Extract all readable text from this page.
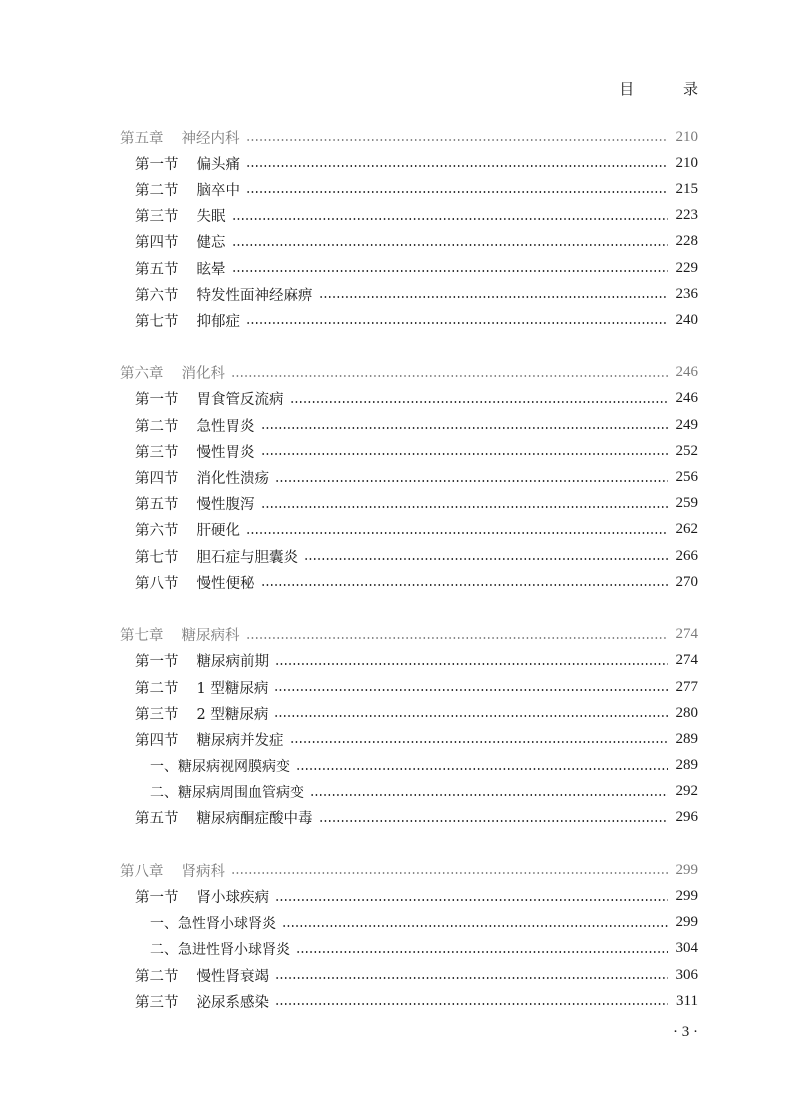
目 录
第五章 神经内科	210
第一节 偏头痛	210
第二节 脑卒中	215
第三节 失眠	223
第四节 健忘	228
第五节 眩晕	229
第六节 特发性面神经麻痹	236
第七节 抑郁症	240
第六章 消化科	246
第一节 胃食管反流病	246
第二节 急性胃炎	249
第三节 慢性胃炎	252
第四节 消化性溃疡	256
第五节 慢性腹泻	259
第六节 肝硬化	262
第七节 胆石症与胆囊炎	266
第八节 慢性便秘	270
第七章 糖尿病科	274
第一节 糖尿病前期	274
第二节 1 型糖尿病	277
第三节 2 型糖尿病	280
第四节 糖尿病并发症	289
一、 糖尿病视网膜病变	289
二、 糖尿病周围血管病变	292
第五节 糖尿病酮症酸中毒	296
第八章 肾病科	299
第一节 肾小球疾病	299
一、 急性肾小球肾炎	299
二、 急进性肾小球肾炎	304
第二节 慢性肾衰竭	306
第三节 泌尿系感染	311
· 3 ·
